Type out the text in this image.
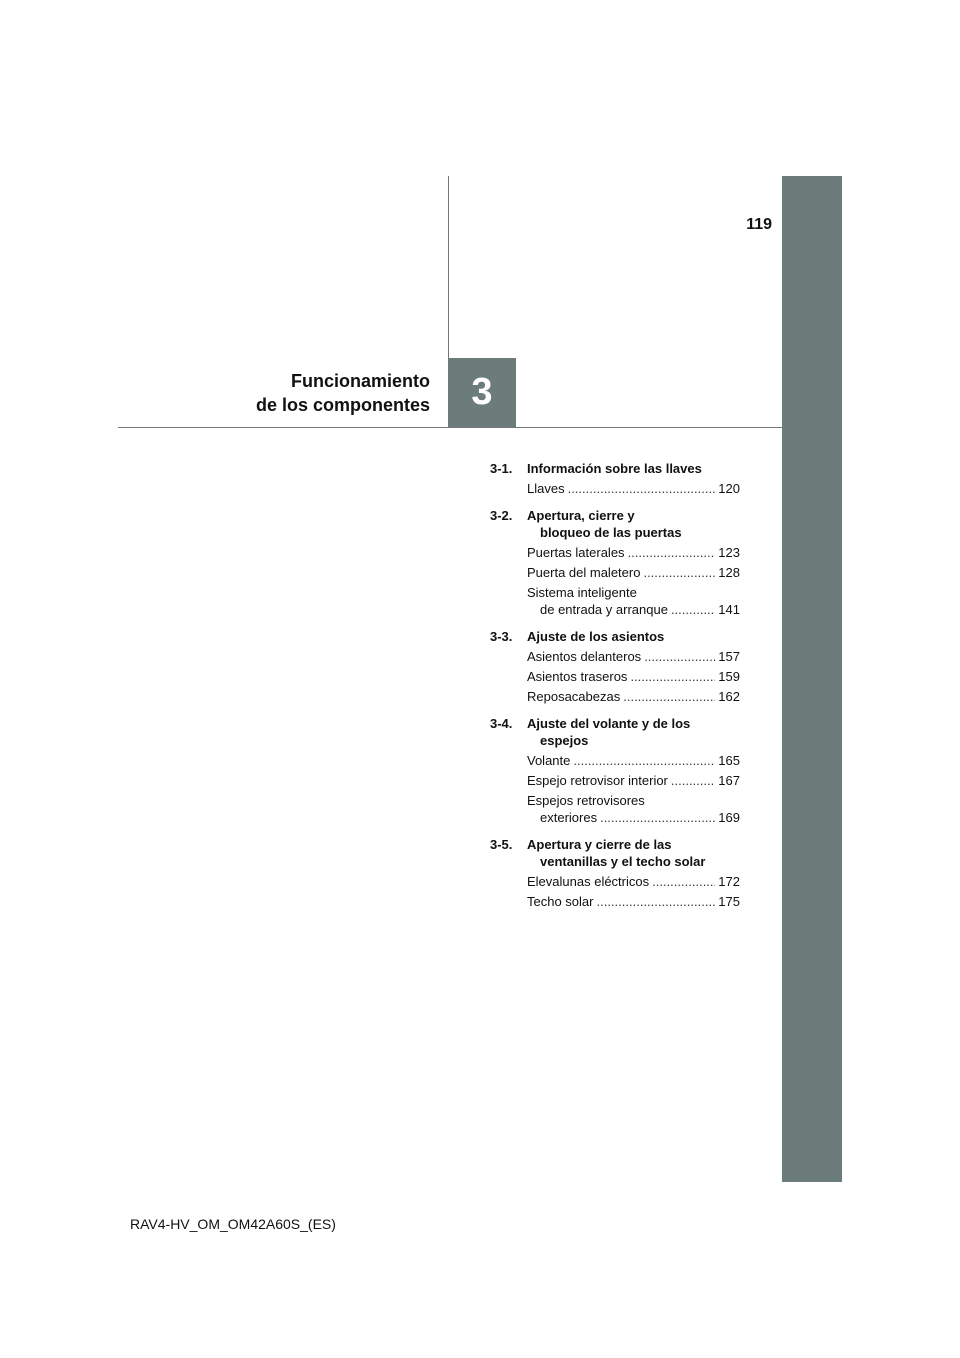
119
Funcionamiento
de los componentes	3
3-1.	Información sobre las llaves
Llaves .....	120
3-2.	Apertura, cierre y
bloqueo de las puertas
Puertas laterales .....	123
Puerta del maletero .....	128
Sistema inteligente
de entrada y arranque .....	141
3-3.	Ajuste de los asientos
Asientos delanteros .....	157
Asientos traseros .....	159
Reposacabezas .....	162
3-4.	Ajuste del volante y de los
espejos
Volante .....	165
Espejo retrovisor interior .....	167
Espejos retrovisores
exteriores .....	169
3-5.	Apertura y cierre de las
ventanillas y el techo solar
Elevalunas eléctricos .....	172
Techo solar .....	175
RAV4-HV_OM_OM42A60S_(ES)
